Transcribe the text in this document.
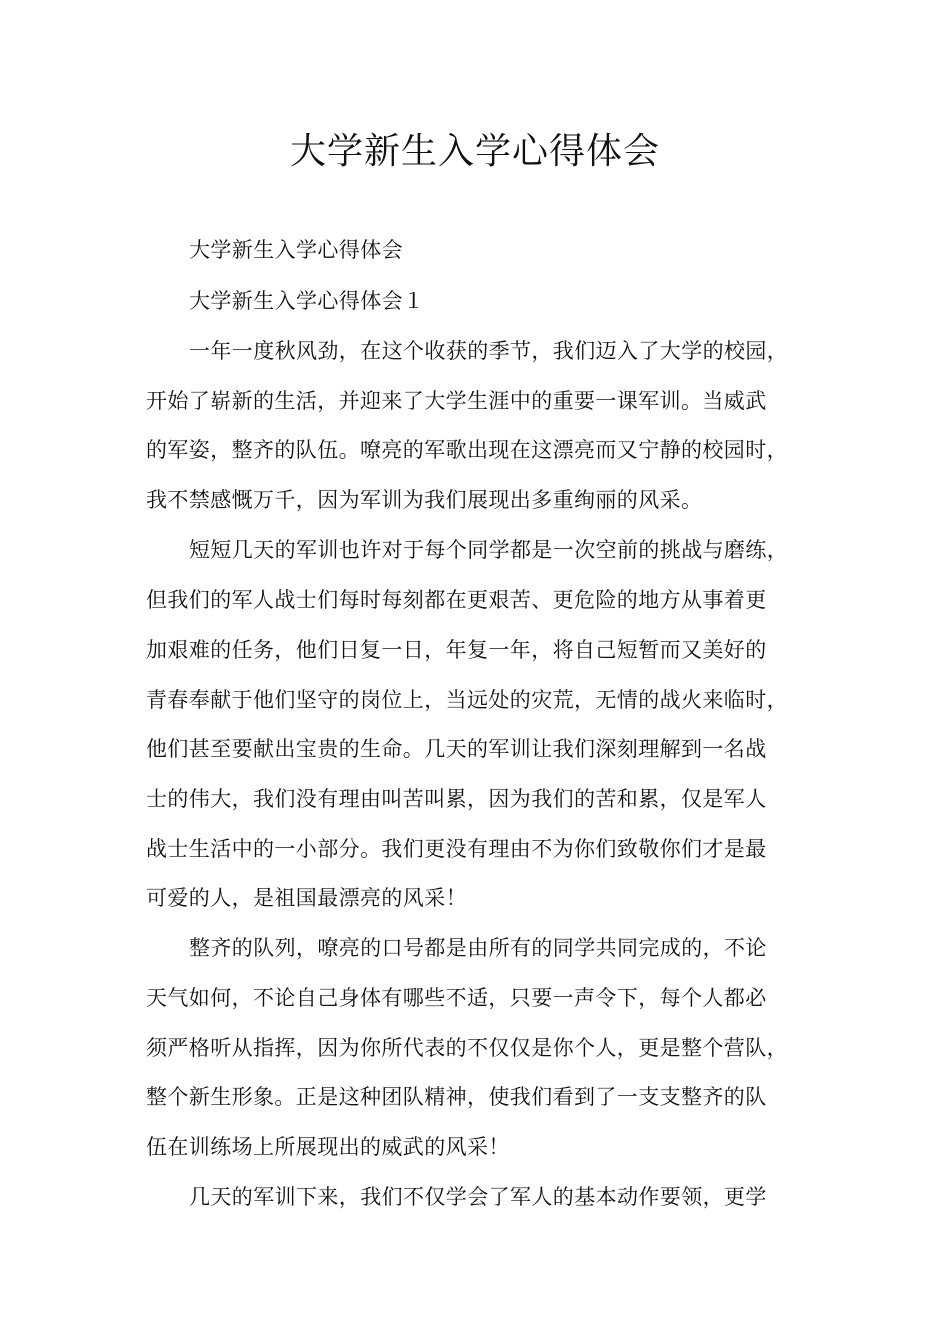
大学新生入学心得体会
大学新生入学心得体会
大学新生入学心得体会１
一年一度秋风劲，在这个收获的季节，我们迈入了大学的校园，
开始了崭新的生活，并迎来了大学生涯中的重要一课军训。当威武
的军姿，整齐的队伍。嘹亮的军歌出现在这漂亮而又宁静的校园时，
我不禁感慨万千，因为军训为我们展现出多重绚丽的风采。
短短几天的军训也许对于每个同学都是一次空前的挑战与磨练，
但我们的军人战士们每时每刻都在更艰苦、更危险的地方从事着更
加艰难的任务，他们日复一日，年复一年，将自己短暂而又美好的
青春奉献于他们坚守的岗位上，当远处的灾荒，无情的战火来临时，
他们甚至要献出宝贵的生命。几天的军训让我们深刻理解到一名战
士的伟大，我们没有理由叫苦叫累，因为我们的苦和累，仅是军人
战士生活中的一小部分。我们更没有理由不为你们致敬你们才是最
可爱的人，是祖国最漂亮的风采！
整齐的队列，嘹亮的口号都是由所有的同学共同完成的，不论
天气如何，不论自己身体有哪些不适，只要一声令下，每个人都必
须严格听从指挥，因为你所代表的不仅仅是你个人，更是整个营队，
整个新生形象。正是这种团队精神，使我们看到了一支支整齐的队
伍在训练场上所展现出的威武的风采！
几天的军训下来，我们不仅学会了军人的基本动作要领，更学
